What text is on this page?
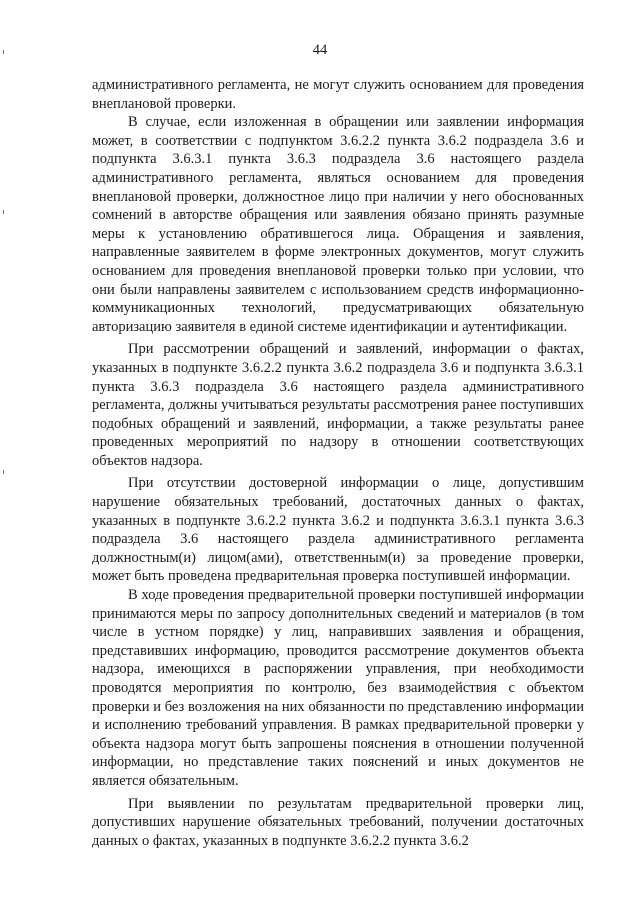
44

административного регламента, не могут служить основанием для проведения внеплановой проверки.

В случае, если изложенная в обращении или заявлении информация может, в соответствии с подпунктом 3.6.2.2 пункта 3.6.2 подраздела 3.6 и подпункта 3.6.3.1 пункта 3.6.3 подраздела 3.6 настоящего раздела административного регламента, являться основанием для проведения внеплановой проверки, должностное лицо при наличии у него обоснованных сомнений в авторстве обращения или заявления обязано принять разумные меры к установлению обратившегося лица. Обращения и заявления, направленные заявителем в форме электронных документов, могут служить основанием для проведения внеплановой проверки только при условии, что они были направлены заявителем с использованием средств информационно-коммуникационных технологий, предусматривающих обязательную авторизацию заявителя в единой системе идентификации и аутентификации.

При рассмотрении обращений и заявлений, информации о фактах, указанных в подпункте 3.6.2.2 пункта 3.6.2 подраздела 3.6 и подпункта 3.6.3.1 пункта 3.6.3 подраздела 3.6 настоящего раздела административного регламента, должны учитываться результаты рассмотрения ранее поступивших подобных обращений и заявлений, информации, а также результаты ранее проведенных мероприятий по надзору в отношении соответствующих объектов надзора.

При отсутствии достоверной информации о лице, допустившим нарушение обязательных требований, достаточных данных о фактах, указанных в подпункте 3.6.2.2 пункта 3.6.2 и подпункта 3.6.3.1 пункта 3.6.3 подраздела 3.6 настоящего раздела административного регламента должностным(и) лицом(ами), ответственным(и) за проведение проверки, может быть проведена предварительная проверка поступившей информации.

В ходе проведения предварительной проверки поступившей информации принимаются меры по запросу дополнительных сведений и материалов (в том числе в устном порядке) у лиц, направивших заявления и обращения, представивших информацию, проводится рассмотрение документов объекта надзора, имеющихся в распоряжении управления, при необходимости проводятся мероприятия по контролю, без взаимодействия с объектом проверки и без возложения на них обязанности по представлению информации и исполнению требований управления. В рамках предварительной проверки у объекта надзора могут быть запрошены пояснения в отношении полученной информации, но представление таких пояснений и иных документов не является обязательным.

При выявлении по результатам предварительной проверки лиц, допустивших нарушение обязательных требований, получении достаточных данных о фактах, указанных в подпункте 3.6.2.2 пункта 3.6.2
